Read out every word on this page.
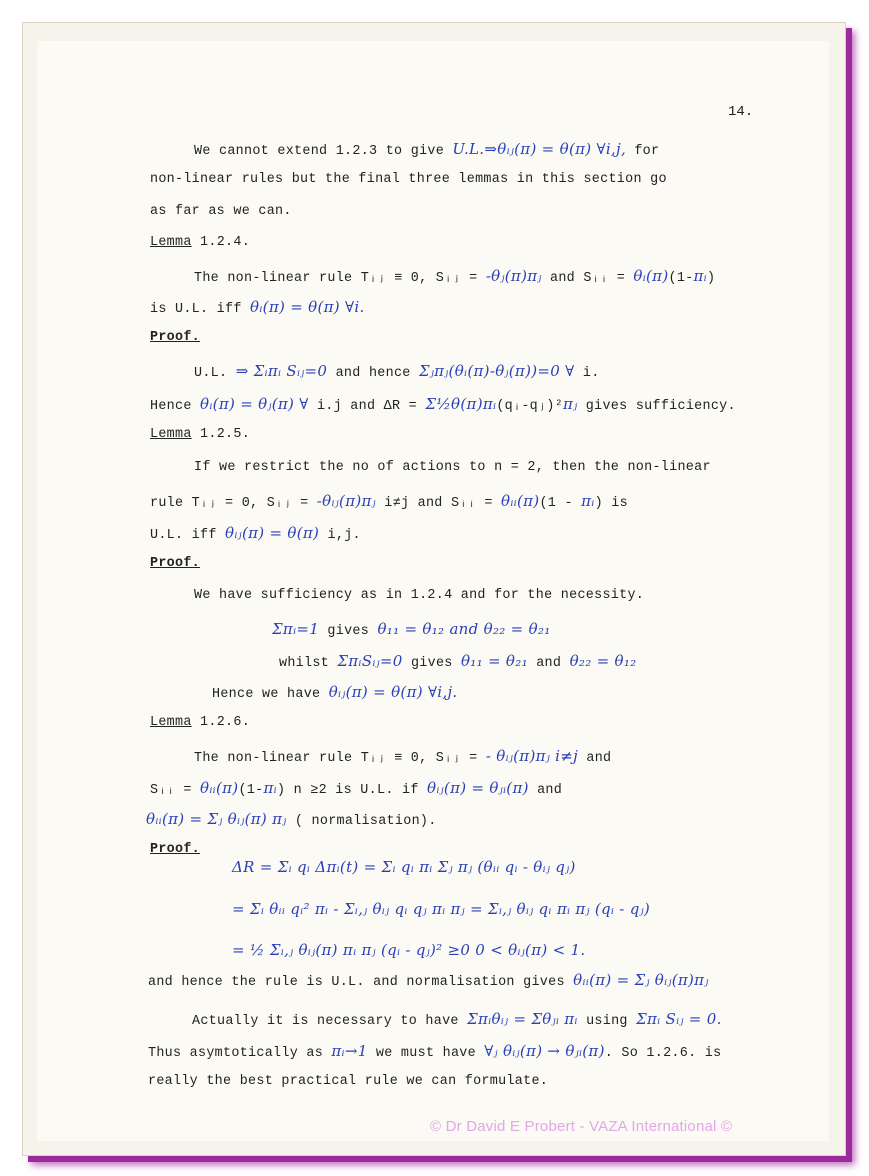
14.
We cannot extend 1.2.3 to give U.L.⇒θᵢⱼ(π) = θ(π) ∀i,j, for
non-linear rules but the final three lemmas in this section go
as far as we can.
Lemma 1.2.4.
The non-linear rule Tᵢⱼ ≡ 0, Sᵢⱼ = -θⱼ(π)πⱼ and Sᵢᵢ = θᵢ(π)(1-πᵢ)
is U.L. iff θᵢ(π) = θ(π) ∀i.
Proof.
U.L. ⇒ Σᵢπᵢ Sᵢⱼ=0 and hence Σⱼπⱼ(θᵢ(π)-θⱼ(π))=0 ∀ i.
Hence θᵢ(π) = θⱼ(π) ∀ i.j and ΔR = Σ½θ(π)πᵢ(qᵢ-qⱼ)²πⱼ gives sufficiency.
Lemma 1.2.5.
If we restrict the no of actions to n = 2, then the non-linear
rule Tᵢⱼ = 0, Sᵢⱼ = -θᵢⱼ(π)πⱼ i≠j and Sᵢᵢ = θᵢᵢ(π)(1 - πᵢ) is
U.L. iff θᵢⱼ(π) = θ(π) i,j.
Proof.
We have sufficiency as in 1.2.4 and for the necessity.
Σπᵢ=1 gives θ₁₁ = θ₁₂ and θ₂₂ = θ₂₁
whilst ΣπᵢSᵢⱼ=0 gives θ₁₁ = θ₂₁ and θ₂₂ = θ₁₂
Hence we have θᵢⱼ(π) = θ(π) ∀i,j.
Lemma 1.2.6.
The non-linear rule Tᵢⱼ ≡ 0, Sᵢⱼ = - θᵢⱼ(π)πⱼ i≠j and
Sᵢᵢ = θᵢᵢ(π)(1-πᵢ) n ≥2 is U.L. if θᵢⱼ(π) = θⱼᵢ(π) and
θᵢᵢ(π) = Σⱼ θᵢⱼ(π) πⱼ ( normalisation).
Proof.
ΔR = Σᵢ qᵢ Δπᵢ(t) = Σᵢ qᵢ πᵢ Σⱼ πⱼ (θᵢᵢ qᵢ - θᵢⱼ qⱼ)
= Σᵢ θᵢᵢ qᵢ² πᵢ - Σᵢ,ⱼ θᵢⱼ qᵢ qⱼ πᵢ πⱼ = Σᵢ,ⱼ θᵢⱼ qᵢ πᵢ πⱼ (qᵢ - qⱼ)
= ½ Σᵢ,ⱼ θᵢⱼ(π) πᵢ πⱼ (qᵢ - qⱼ)² ≥0 0 < θᵢⱼ(π) < 1.
and hence the rule is U.L. and normalisation gives θᵢᵢ(π) = Σⱼ θᵢⱼ(π)πⱼ
Actually it is necessary to have Σπᵢθᵢⱼ = Σθⱼᵢ πᵢ using Σπᵢ Sᵢⱼ = 0.
Thus asymtotically as πᵢ→1 we must have ∀ⱼ θᵢⱼ(π) → θⱼᵢ(π). So 1.2.6. is
really the best practical rule we can formulate.
© Dr David E Probert - VAZA International ©
